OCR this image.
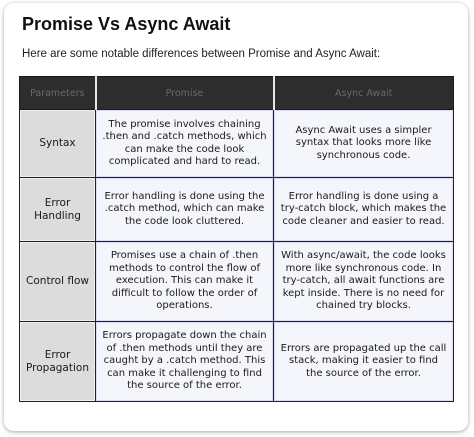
Promise Vs Async Await

Here are some notable differences between Promise and Async Await:

Parameters	Promise	Async Await
Syntax	The promise involves chaining .then and .catch methods, which can make the code look complicated and hard to read.	Async Await uses a simpler syntax that looks more like synchronous code.
Error Handling	Error handling is done using the .catch method, which can make the code look cluttered.	Error handling is done using a try-catch block, which makes the code cleaner and easier to read.
Control flow	Promises use a chain of .then methods to control the flow of execution. This can make it difficult to follow the order of operations.	With async/await, the code looks more like synchronous code. In try-catch, all await functions are kept inside. There is no need for chained try blocks.
Error Propagation	Errors propagate down the chain of .then methods until they are caught by a .catch method. This can make it challenging to find the source of the error.	Errors are propagated up the call stack, making it easier to find the source of the error.
